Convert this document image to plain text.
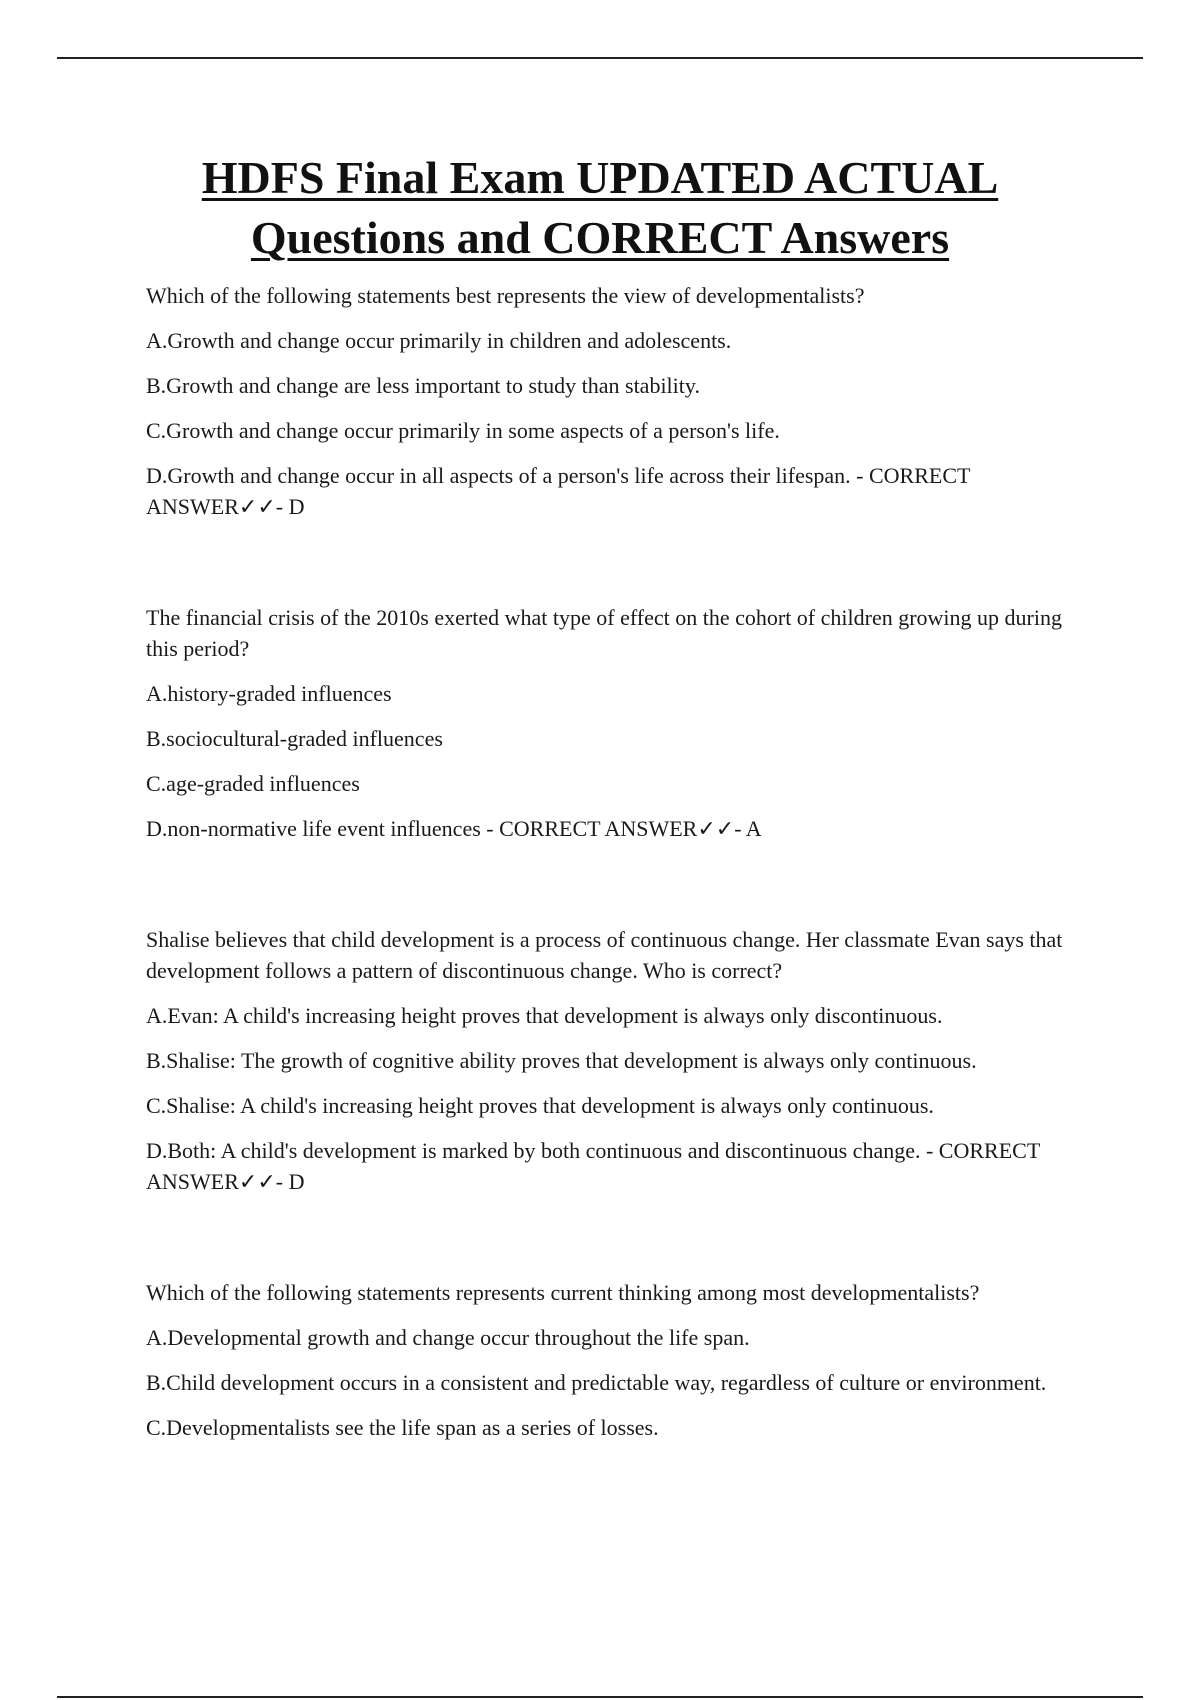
HDFS Final Exam UPDATED ACTUAL
Questions and CORRECT Answers

Which of the following statements best represents the view of developmentalists?

A.Growth and change occur primarily in children and adolescents.

B.Growth and change are less important to study than stability.

C.Growth and change occur primarily in some aspects of a person's life.

D.Growth and change occur in all aspects of a person's life across their lifespan. - CORRECT ANSWER✓✓- D

The financial crisis of the 2010s exerted what type of effect on the cohort of children growing up during this period?

A.history-graded influences

B.sociocultural-graded influences

C.age-graded influences

D.non-normative life event influences - CORRECT ANSWER✓✓- A

Shalise believes that child development is a process of continuous change. Her classmate Evan says that development follows a pattern of discontinuous change. Who is correct?

A.Evan: A child's increasing height proves that development is always only discontinuous.

B.Shalise: The growth of cognitive ability proves that development is always only continuous.

C.Shalise: A child's increasing height proves that development is always only continuous.

D.Both: A child's development is marked by both continuous and discontinuous change. - CORRECT ANSWER✓✓- D

Which of the following statements represents current thinking among most developmentalists?

A.Developmental growth and change occur throughout the life span.

B.Child development occurs in a consistent and predictable way, regardless of culture or environment.

C.Developmentalists see the life span as a series of losses.
